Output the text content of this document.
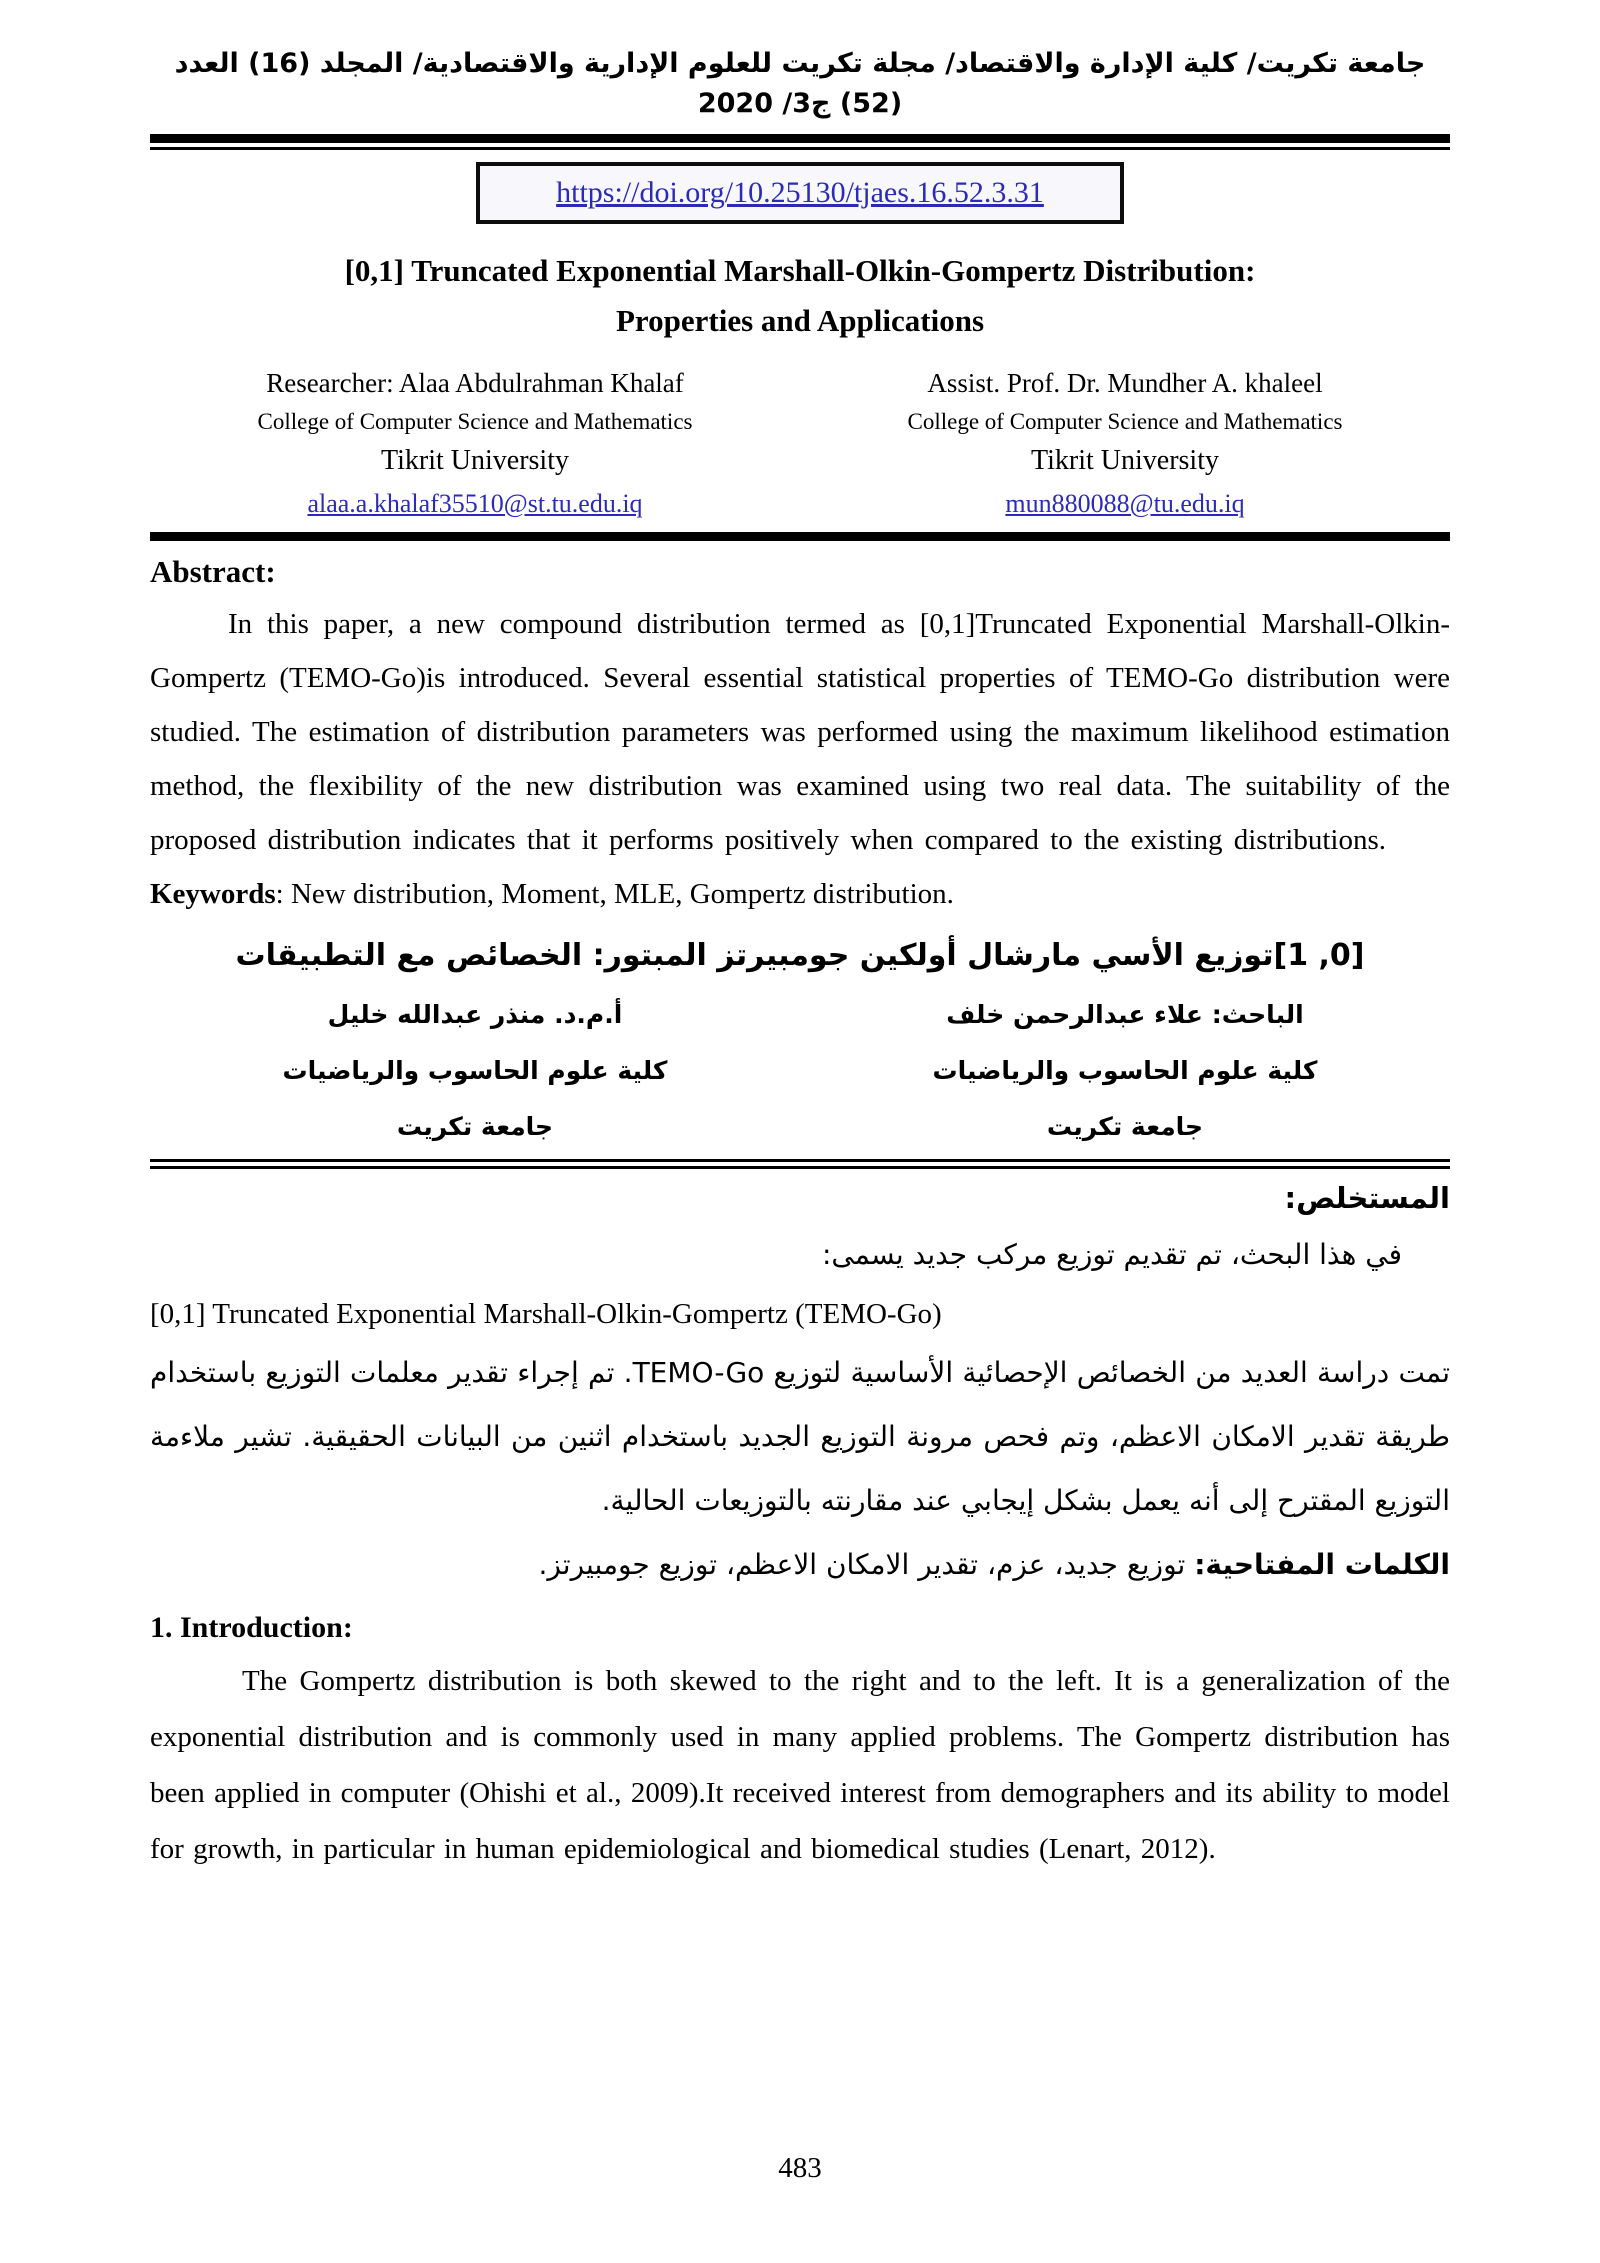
جامعة تكريت/ كلية الإدارة والاقتصاد/ مجلة تكريت للعلوم الإدارية والاقتصادية/ المجلد (16) العدد (52) ج3/ 2020
https://doi.org/10.25130/tjaes.16.52.3.31
[0,1] Truncated Exponential Marshall-Olkin-Gompertz Distribution:
Properties and Applications
Researcher: Alaa Abdulrahman Khalaf
College of Computer Science and Mathematics
Tikrit University
alaa.a.khalaf35510@st.tu.edu.iq
Assist. Prof. Dr. Mundher A. khaleel
College of Computer Science and Mathematics
Tikrit University
mun880088@tu.edu.iq
Abstract:

In this paper, a new compound distribution termed as [0,1]Truncated Exponential Marshall-Olkin-Gompertz (TEMO-Go)is introduced. Several essential statistical properties of TEMO-Go distribution were studied. The estimation of distribution parameters was performed using the maximum likelihood estimation method, the flexibility of the new distribution was examined using two real data. The suitability of the proposed distribution indicates that it performs positively when compared to the existing distributions.

Keywords: New distribution, Moment, MLE, Gompertz distribution.

[0, 1]توزيع الأسي مارشال أولكين جومبيرتز المبتور: الخصائص مع التطبيقات
أ.م.د. منذر عبدالله خليل
كلية علوم الحاسوب والرياضيات
جامعة تكريت
الباحث: علاء عبدالرحمن خلف
كلية علوم الحاسوب والرياضيات
جامعة تكريت
المستخلص:

في هذا البحث، تم تقديم توزيع مركب جديد يسمى:

[0,1] Truncated Exponential Marshall-Olkin-Gompertz (TEMO-Go)

تمت دراسة العديد من الخصائص الإحصائية الأساسية لتوزيع TEMO-Go. تم إجراء تقدير معلمات التوزيع باستخدام طريقة تقدير الامكان الاعظم، وتم فحص مرونة التوزيع الجديد باستخدام اثنين من البيانات الحقيقية. تشير ملاءمة التوزيع المقترح إلى أنه يعمل بشكل إيجابي عند مقارنته بالتوزيعات الحالية.

الكلمات المفتاحية: توزيع جديد، عزم، تقدير الامكان الاعظم، توزيع جومبيرتز.

1. Introduction:

The Gompertz distribution is both skewed to the right and to the left. It is a generalization of the exponential distribution and is commonly used in many applied problems. The Gompertz distribution has been applied in computer (Ohishi et al., 2009).It received interest from demographers and its ability to model for growth, in particular in human epidemiological and biomedical studies (Lenart, 2012).

483
